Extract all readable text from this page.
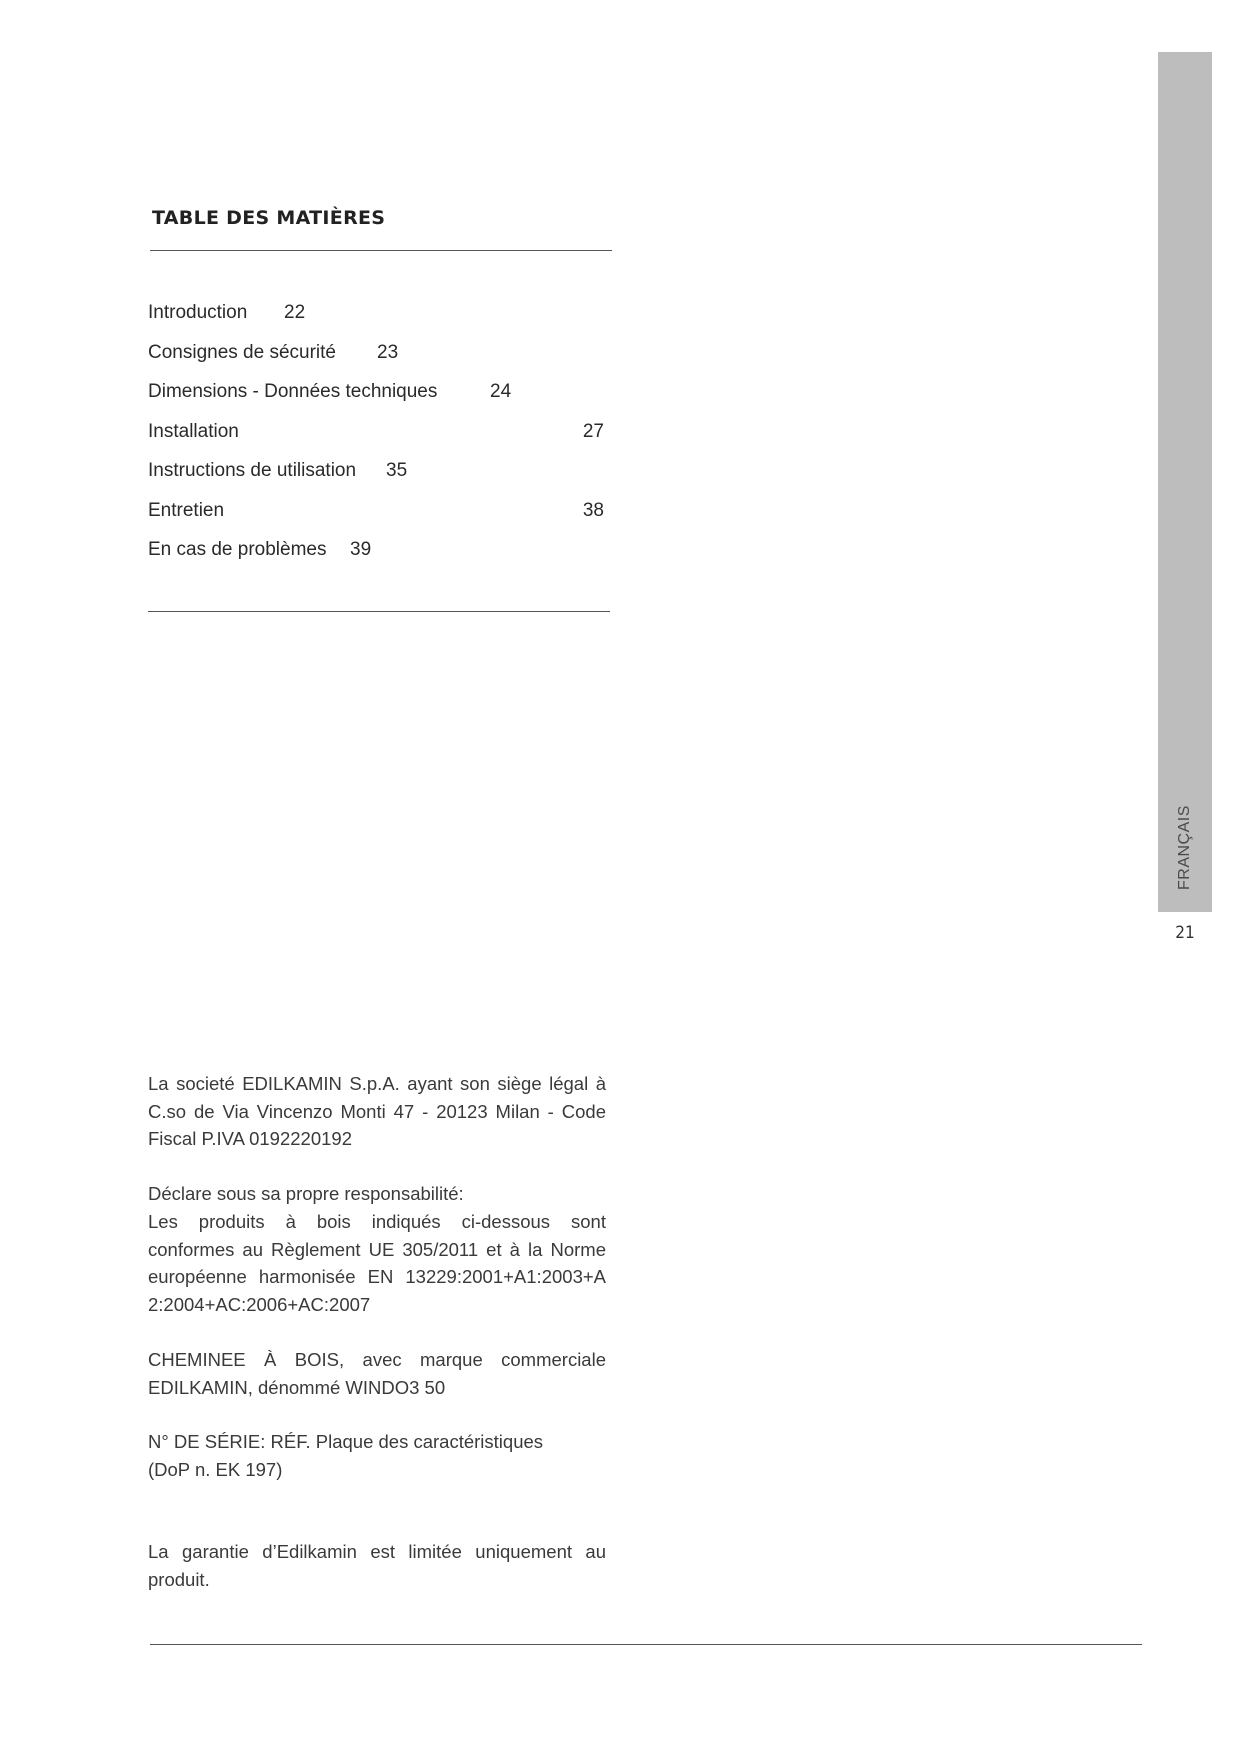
FRANÇAIS
21
TABLE DES MATIÈRES
Introduction 22
Consignes de sécurité 23
Dimensions - Données techniques	24
Installation	27
Instructions de utilisation 35
Entretien	38
En cas de problèmes 39
La societé EDILKAMIN S.p.A. ayant son siège légal à
C.so de Via Vincenzo Monti 47 - 20123 Milan - Code
Fiscal P.IVA 0192220192
Déclare sous sa propre responsabilité:
Les produits à bois indiqués ci-dessous sont
conformes au Règlement UE 305/2011 et à la Norme
européenne harmonisée EN 13229:2001+A1:2003+A
2:2004+AC:2006+AC:2007
CHEMINEE À BOIS, avec marque commerciale
EDILKAMIN, dénommé WINDO3 50
N° DE SÉRIE: RÉF. Plaque des caractéristiques
(DoP n. EK 197)
La garantie d’Edilkamin est limitée uniquement au
produit.
